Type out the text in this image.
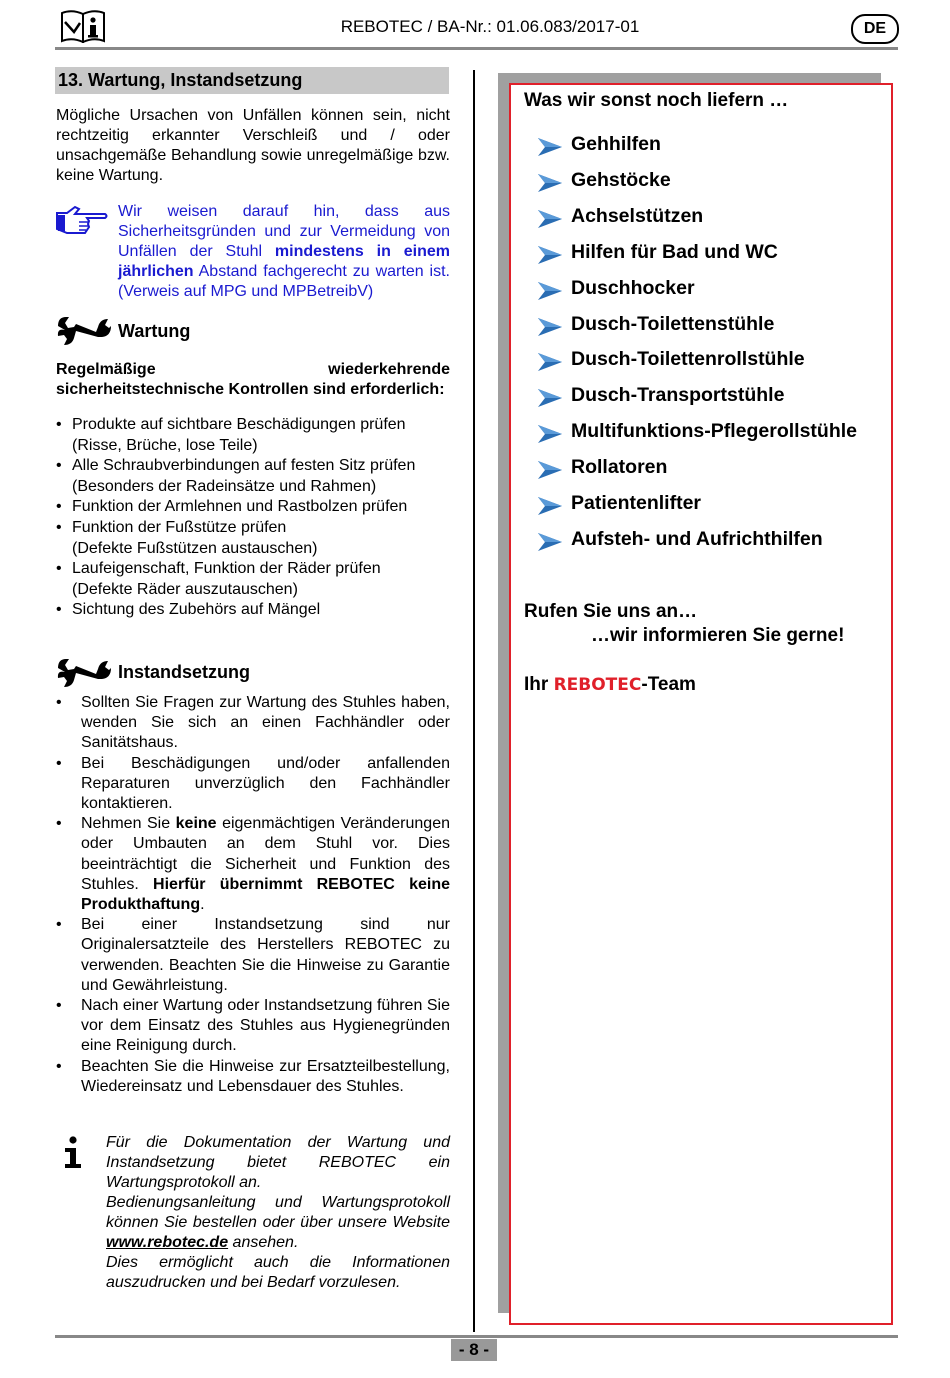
REBOTEC / BA-Nr.: 01.06.083/2017-01	DE
13. Wartung, Instandsetzung
Mögliche Ursachen von Unfällen können sein, nicht rechtzeitig erkannter Verschleiß und / oder unsachgemäße Behandlung sowie unregelmäßige bzw. keine Wartung.
Wir weisen darauf hin, dass aus Sicherheitsgründen und zur Vermeidung von Unfällen der Stuhl mindestens in einem jährlichen Abstand fachgerecht zu warten ist. (Verweis auf MPG und MPBetreibV)
Wartung
Regelmäßige wiederkehrende sicherheitstechnische Kontrollen sind erforderlich:
• Produkte auf sichtbare Beschädigungen prüfen
(Risse, Brüche, lose Teile)
• Alle Schraubverbindungen auf festen Sitz prüfen
(Besonders der Radeinsätze und Rahmen)
• Funktion der Armlehnen und Rastbolzen prüfen
• Funktion der Fußstütze prüfen
(Defekte Fußstützen austauschen)
• Laufeigenschaft, Funktion der Räder prüfen
(Defekte Räder auszutauschen)
• Sichtung des Zubehörs auf Mängel
Instandsetzung
• Sollten Sie Fragen zur Wartung des Stuhles haben, wenden Sie sich an einen Fachhändler oder Sanitätshaus.
• Bei Beschädigungen und/oder anfallenden Reparaturen unverzüglich den Fachhändler kontaktieren.
• Nehmen Sie keine eigenmächtigen Veränderungen oder Umbauten an dem Stuhl vor. Dies beeinträchtigt die Sicherheit und Funktion des Stuhles. Hierfür übernimmt REBOTEC keine Produkthaftung.
• Bei einer Instandsetzung sind nur Originalersatzteile des Herstellers REBOTEC zu verwenden. Beachten Sie die Hinweise zu Garantie und Gewährleistung.
• Nach einer Wartung oder Instandsetzung führen Sie vor dem Einsatz des Stuhles aus Hygienegründen eine Reinigung durch.
• Beachten Sie die Hinweise zur Ersatzteilbestellung, Wiedereinsatz und Lebensdauer des Stuhles.
Für die Dokumentation der Wartung und Instandsetzung bietet REBOTEC ein Wartungsprotokoll an.
Bedienungsanleitung und Wartungsprotokoll können Sie bestellen oder über unsere Website www.rebotec.de ansehen.
Dies ermöglicht auch die Informationen auszudrucken und bei Bedarf vorzulesen.
Was wir sonst noch liefern …
Gehhilfen
Gehstöcke
Achselstützen
Hilfen für Bad und WC
Duschhocker
Dusch-Toilettenstühle
Dusch-Toilettenrollstühle
Dusch-Transportstühle
Multifunktions-Pflegerollstühle
Rollatoren
Patientenlifter
Aufsteh- und Aufrichthilfen
Rufen Sie uns an…
…wir informieren Sie gerne!
Ihr REBOTEC-Team
- 8 -
